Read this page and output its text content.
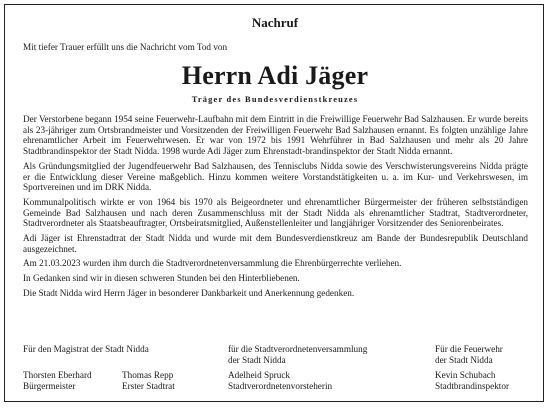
Nachruf
Mit tiefer Trauer erfüllt uns die Nachricht vom Tod von
Herrn Adi Jäger
Träger des Bundesverdienstkreuzes

Der Verstorbene begann 1954 seine Feuerwehr-Laufbahn mit dem Eintritt in die Freiwillige Feuerwehr Bad Salzhausen. Er wurde bereits als 23-jähriger zum Ortsbrandmeister und Vorsitzenden der Freiwilligen Feuerwehr Bad Salzhausen ernannt. Es folgten unzählige Jahre ehrenamtlicher Arbeit im Feuerwehrwesen. Er war von 1972 bis 1991 Wehrführer in Bad Salzhausen und mehr als 20 Jahre Stadtbrandinspektor der Stadt Nidda. 1998 wurde Adi Jäger zum Ehrenstadt-brandinspektor der Stadt Nidda ernannt.

Als Gründungsmitglied der Jugendfeuerwehr Bad Salzhausen, des Tennisclubs Nidda sowie des Verschwisterungsvereins Nidda prägte er die Entwicklung dieser Vereine maßgeblich. Hinzu kommen weitere Vorstandstätigkeiten u. a. im Kur- und Verkehrswesen, im Sportvereinen und im DRK Nidda.

Kommunalpolitisch wirkte er von 1964 bis 1970 als Beigeordneter und ehrenamtlicher Bürgermeister der früheren selbstständigen Gemeinde Bad Salzhausen und nach deren Zusammenschluss mit der Stadt Nidda als ehrenamtlicher Stadtrat, Stadtverordneter, Stadtverordneter als Staatsbeauftragter, Ortsbeiratsmitglied, Außenstellenleiter und langjähriger Vorsitzender des Seniorenbeirates.

Adi Jäger ist Ehrenstadtrat der Stadt Nidda und wurde mit dem Bundesverdienstkreuz am Bande der Bundesrepublik Deutschland ausgezeichnet.

Am 21.03.2023 wurden ihm durch die Stadtverordnetenversammlung die Ehrenbürgerrechte verliehen.

In Gedanken sind wir in diesen schweren Stunden bei den Hinterbliebenen.

Die Stadt Nidda wird Herrn Jäger in besonderer Dankbarkeit und Anerkennung gedenken.

Für den Magistrat der Stadt Nidda	für die Stadtverordnetenversammlung
der Stadt Nidda
Für die Feuerwehr
der Stadt Nidda
Thorsten Eberhard
Bürgermeister
Thomas Repp
Erster Stadtrat
Adelheid Spruck
Stadtverordnetenvorsteherin
Kevin Schubach
Stadtbrandinspektor
